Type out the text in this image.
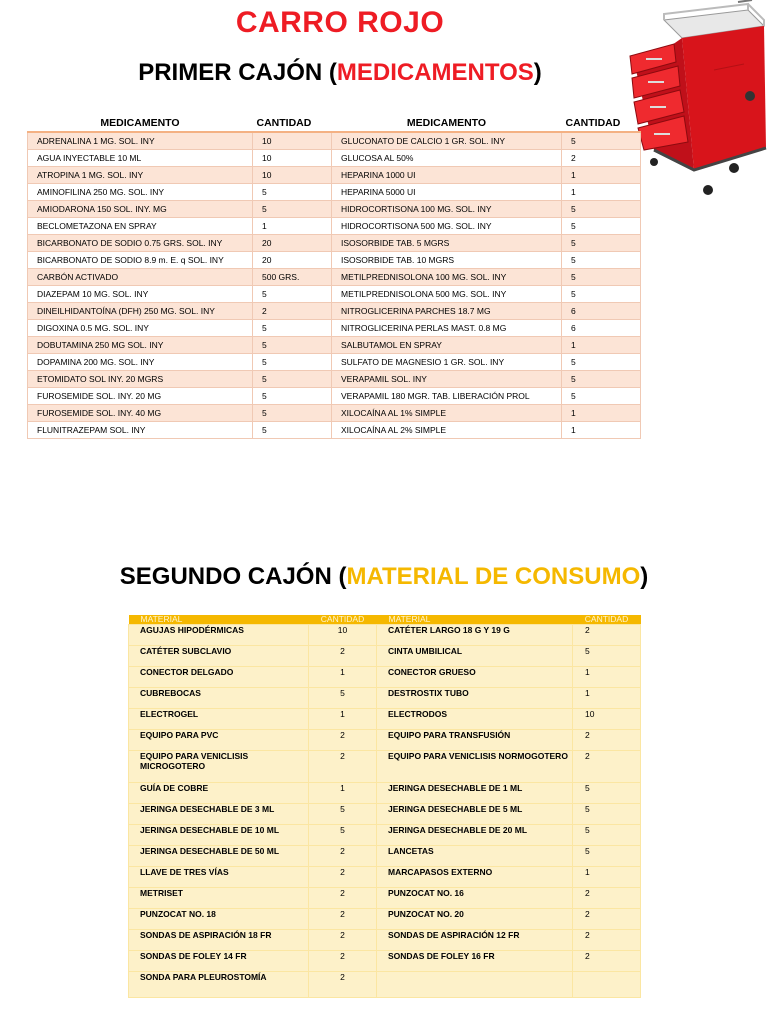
CARRO ROJO
PRIMER CAJÓN (MEDICAMENTOS)
MEDICAMENTO	CANTIDAD	MEDICAMENTO	CANTIDAD
ADRENALINA 1 MG. SOL. INY	10	GLUCONATO DE CALCIO 1 GR. SOL. INY	5
AGUA INYECTABLE 10 ML	10	GLUCOSA AL 50%	2
ATROPINA 1 MG. SOL. INY	10	HEPARINA 1000 UI	1
AMINOFILINA 250 MG. SOL. INY	5	HEPARINA 5000 UI	1
AMIODARONA 150 SOL. INY. MG	5	HIDROCORTISONA 100 MG. SOL. INY	5
BECLOMETAZONA EN SPRAY	1	HIDROCORTISONA 500 MG. SOL. INY	5
BICARBONATO DE SODIO 0.75 GRS. SOL. INY	20	ISOSORBIDE TAB. 5 MGRS	5
BICARBONATO DE SODIO 8.9 m. E. q SOL. INY	20	ISOSORBIDE TAB. 10 MGRS	5
CARBÓN ACTIVADO	500 GRS.	METILPREDNISOLONA 100 MG. SOL. INY	5
DIAZEPAM 10 MG. SOL. INY	5	METILPREDNISOLONA 500 MG. SOL. INY	5
DINEILHIDANTOÍNA (DFH) 250 MG. SOL. INY	2	NITROGLICERINA PARCHES 18.7 MG	6
DIGOXINA 0.5 MG. SOL. INY	5	NITROGLICERINA PERLAS MAST. 0.8 MG	6
DOBUTAMINA 250 MG SOL. INY	5	SALBUTAMOL EN SPRAY	1
DOPAMINA 200 MG. SOL. INY	5	SULFATO DE MAGNESIO 1 GR. SOL. INY	5
ETOMIDATO SOL INY. 20 MGRS	5	VERAPAMIL SOL. INY	5
FUROSEMIDE SOL. INY. 20 MG	5	VERAPAMIL 180 MGR. TAB. LIBERACIÓN PROL	5
FUROSEMIDE SOL. INY. 40 MG	5	XILOCAÍNA AL 1% SIMPLE	1
FLUNITRAZEPAM SOL. INY	5	XILOCAÍNA AL 2% SIMPLE	1
SEGUNDO CAJÓN (MATERIAL DE CONSUMO)
MATERIAL	CANTIDAD	MATERIAL	CANTIDAD
AGUJAS HIPODÉRMICAS	10	CATÉTER LARGO 18 G Y 19 G	2
CATÉTER SUBCLAVIO	2	CINTA UMBILICAL	5
CONECTOR DELGADO	1	CONECTOR GRUESO	1
CUBREBOCAS	5	DESTROSTIX TUBO	1
ELECTROGEL	1	ELECTRODOS	10
EQUIPO PARA PVC	2	EQUIPO PARA TRANSFUSIÓN	2
EQUIPO PARA VENICLISIS MICROGOTERO	2	EQUIPO PARA VENICLISIS NORMOGOTERO	2
GUÍA DE COBRE	1	JERINGA DESECHABLE DE 1 ML	5
JERINGA DESECHABLE DE 3 ML	5	JERINGA DESECHABLE DE 5 ML	5
JERINGA DESECHABLE DE 10 ML	5	JERINGA DESECHABLE DE 20 ML	5
JERINGA DESECHABLE DE 50 ML	2	LANCETAS	5
LLAVE DE TRES VÍAS	2	MARCAPASOS EXTERNO	1
METRISET	2	PUNZOCAT NO. 16	2
PUNZOCAT NO. 18	2	PUNZOCAT NO. 20	2
SONDAS DE ASPIRACIÓN 18 FR	2	SONDAS DE ASPIRACIÓN 12 FR	2
SONDAS DE FOLEY 14 FR	2	SONDAS DE FOLEY 16 FR	2
SONDA PARA PLEUROSTOMÍA	2		
